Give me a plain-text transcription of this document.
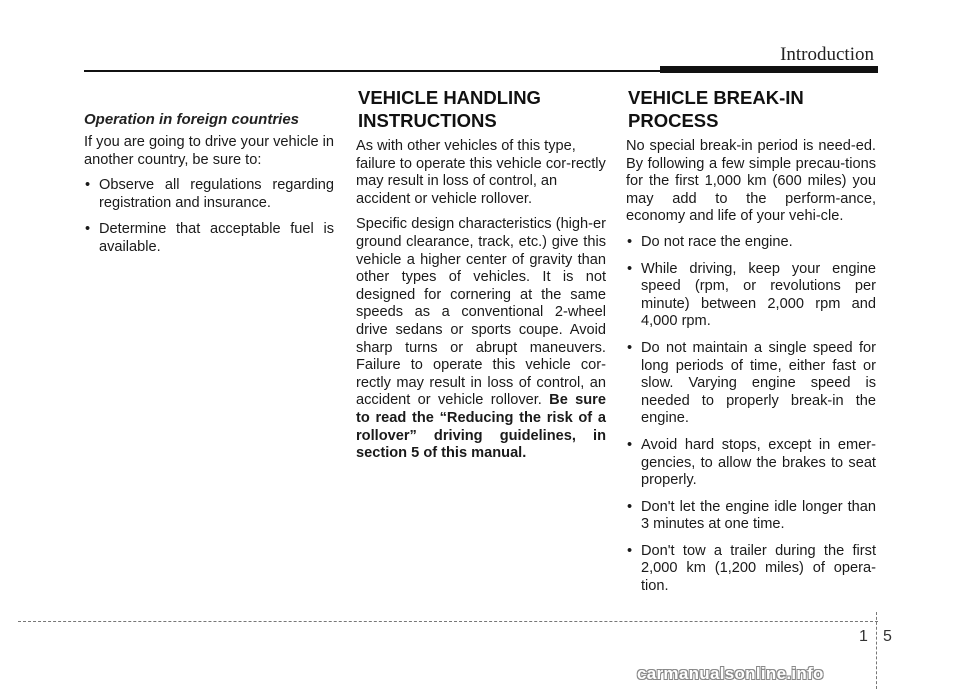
Introduction
Operation in foreign countries

If you are going to drive your vehicle in another country, be sure to:

• Observe all regulations regarding registration and insurance.
• Determine that acceptable fuel is available.
VEHICLE HANDLING
INSTRUCTIONS

As with other vehicles of this type, failure to operate this vehicle cor-rectly may result in loss of control, an accident or vehicle rollover.

Specific design characteristics (high-er ground clearance, track, etc.) give this vehicle a higher center of gravity than other types of vehicles. It is not designed for cornering at the same speeds as a conventional 2-wheel drive sedans or sports coupe. Avoid sharp turns or abrupt maneuvers. Failure to operate this vehicle cor-rectly may result in loss of control, an accident or vehicle rollover. Be sure to read the “Reducing the risk of a rollover” driving guidelines, in section 5 of this manual.

VEHICLE BREAK-IN
PROCESS

No special break-in period is need-ed. By following a few simple precau-tions for the first 1,000 km (600 miles) you may add to the perform-ance, economy and life of your vehi-cle.

• Do not race the engine.
• While driving, keep your engine speed (rpm, or revolutions per minute) between 2,000 rpm and 4,000 rpm.
• Do not maintain a single speed for long periods of time, either fast or slow. Varying engine speed is needed to properly break-in the engine.
• Avoid hard stops, except in emer-gencies, to allow the brakes to seat properly.
• Don't let the engine idle longer than 3 minutes at one time.
• Don't tow a trailer during the first 2,000 km (1,200 miles) of opera-tion.
1 5
carmanualsonline.info
